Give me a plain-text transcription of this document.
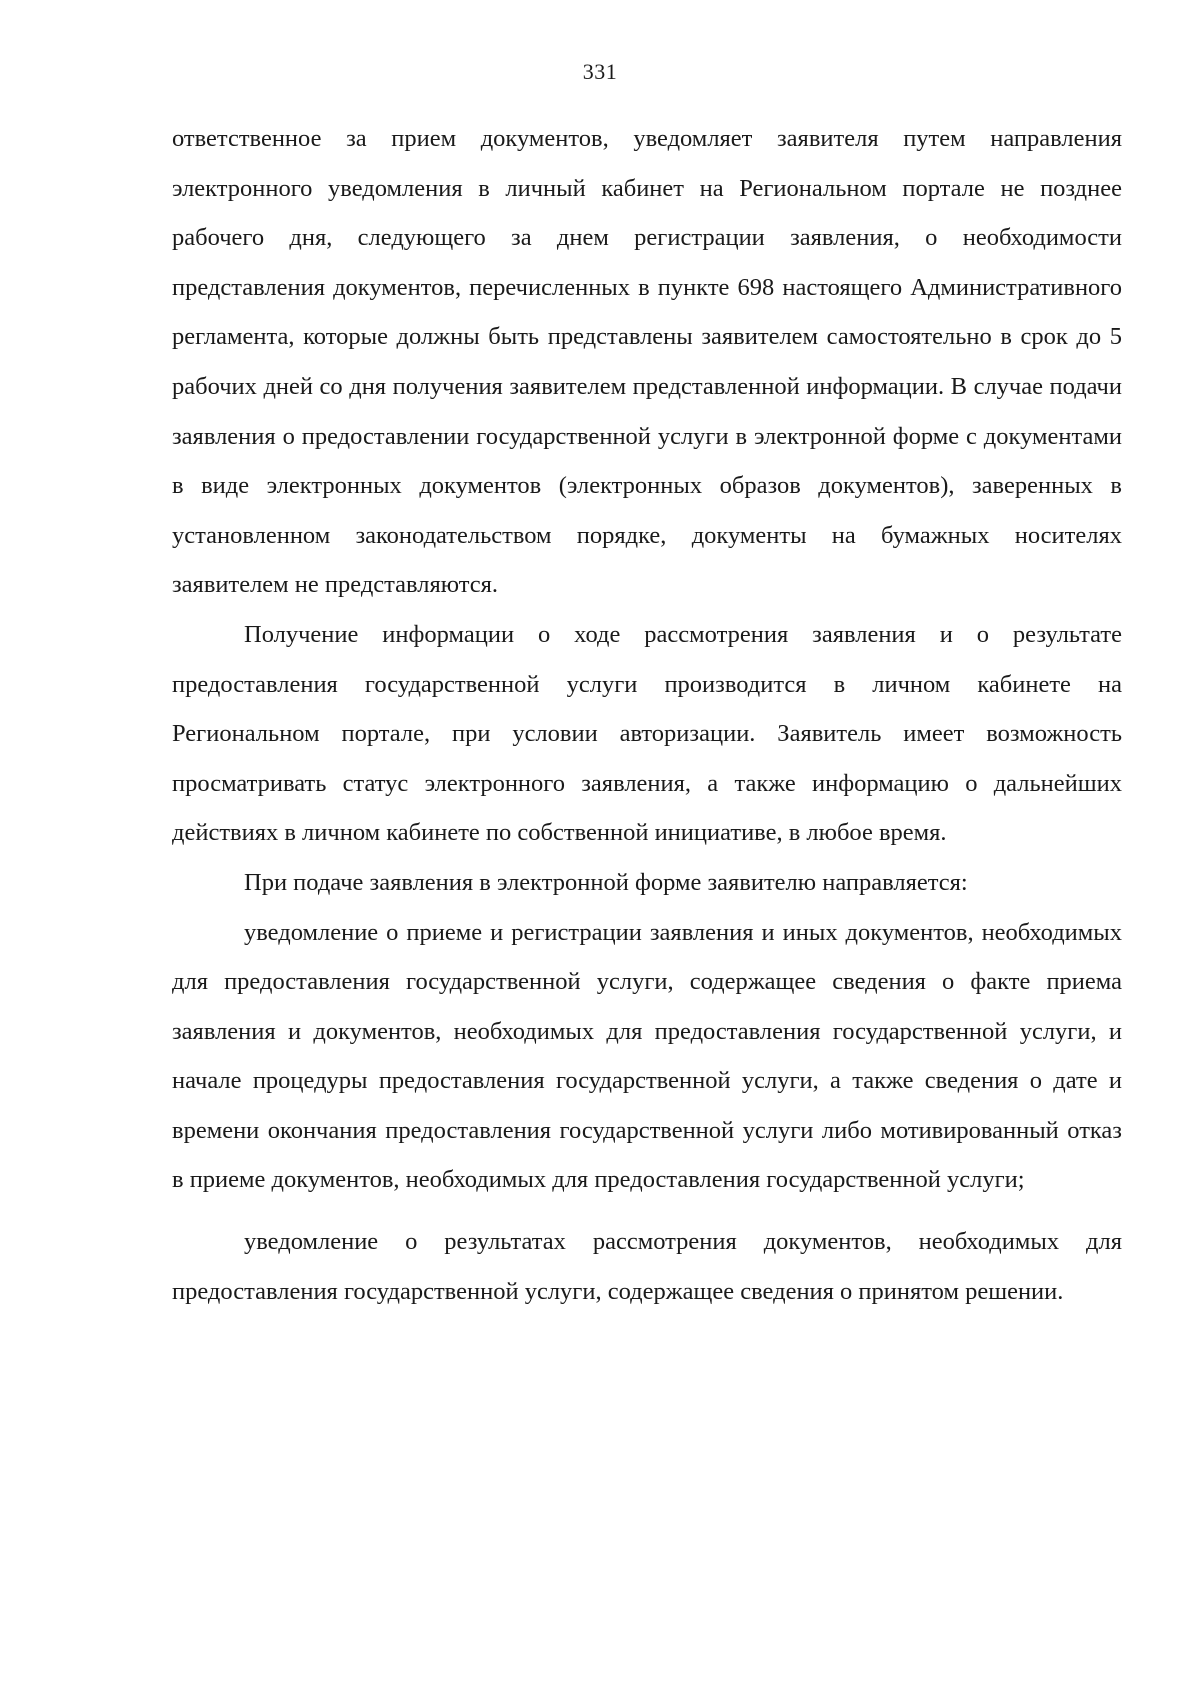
331

ответственное за прием документов, уведомляет заявителя путем направления электронного уведомления в личный кабинет на Региональном портале не позднее рабочего дня, следующего за днем регистрации заявления, о необходимости представления документов, перечисленных в пункте 698 настоящего Административного регламента, которые должны быть представлены заявителем самостоятельно в срок до 5 рабочих дней со дня получения заявителем представленной информации. В случае подачи заявления о предоставлении государственной услуги в электронной форме с документами в виде электронных документов (электронных образов документов), заверенных в установленном законодательством порядке, документы на бумажных носителях заявителем не представляются.

Получение информации о ходе рассмотрения заявления и о результате предоставления государственной услуги производится в личном кабинете на Региональном портале, при условии авторизации. Заявитель имеет возможность просматривать статус электронного заявления, а также информацию о дальнейших действиях в личном кабинете по собственной инициативе, в любое время.

При подаче заявления в электронной форме заявителю направляется:

уведомление о приеме и регистрации заявления и иных документов, необходимых для предоставления государственной услуги, содержащее сведения о факте приема заявления и документов, необходимых для предоставления государственной услуги, и начале процедуры предоставления государственной услуги, а также сведения о дате и времени окончания предоставления государственной услуги либо мотивированный отказ в приеме документов, необходимых для предоставления государственной услуги;

уведомление о результатах рассмотрения документов, необходимых для предоставления государственной услуги, содержащее сведения о принятом решении.
